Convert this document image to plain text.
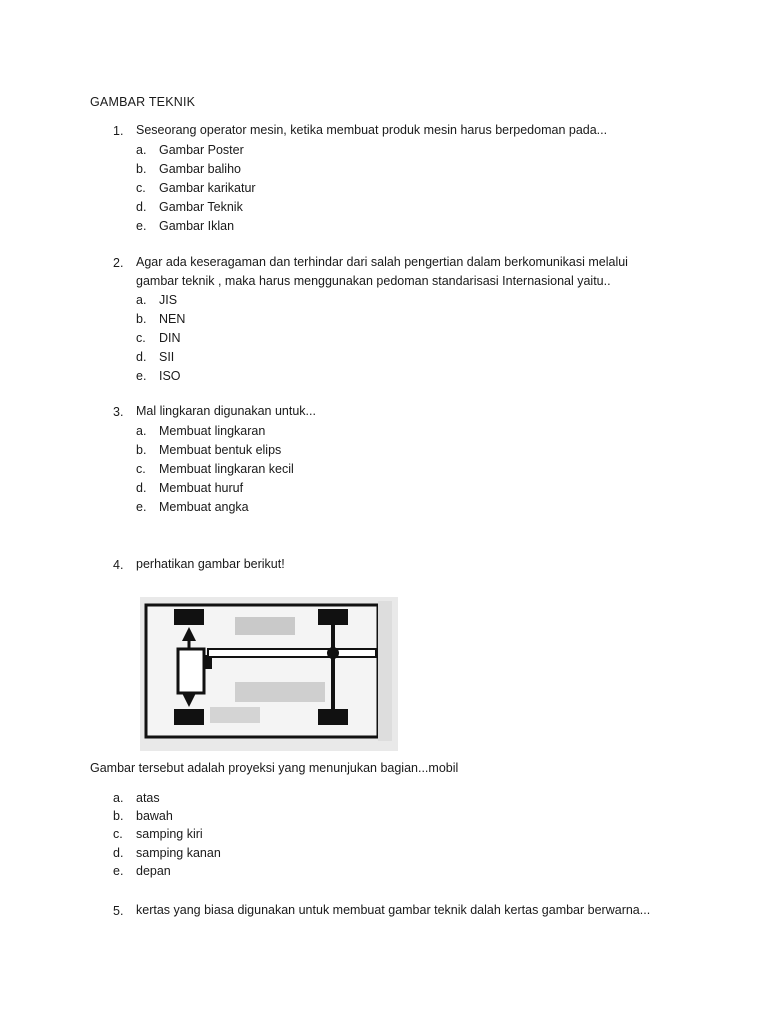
GAMBAR TEKNIK
1. Seseorang operator mesin, ketika membuat produk mesin harus berpedoman pada...
a. Gambar Poster
b. Gambar baliho
c. Gambar karikatur
d. Gambar Teknik
e. Gambar Iklan
2. Agar ada keseragaman dan terhindar dari salah pengertian dalam berkomunikasi melalui gambar teknik , maka harus menggunakan pedoman standarisasi Internasional yaitu..
a. JIS
b. NEN
c. DIN
d. SII
e. ISO
3. Mal lingkaran digunakan untuk...
a. Membuat lingkaran
b. Membuat bentuk elips
c. Membuat lingkaran kecil
d. Membuat huruf
e. Membuat angka
4. perhatikan gambar berikut!
Gambar tersebut adalah proyeksi yang menunjukan bagian...mobil
a. atas
b. bawah
c. samping kiri
d. samping kanan
e. depan
5. kertas yang biasa digunakan untuk membuat gambar teknik dalah kertas gambar berwarna...
